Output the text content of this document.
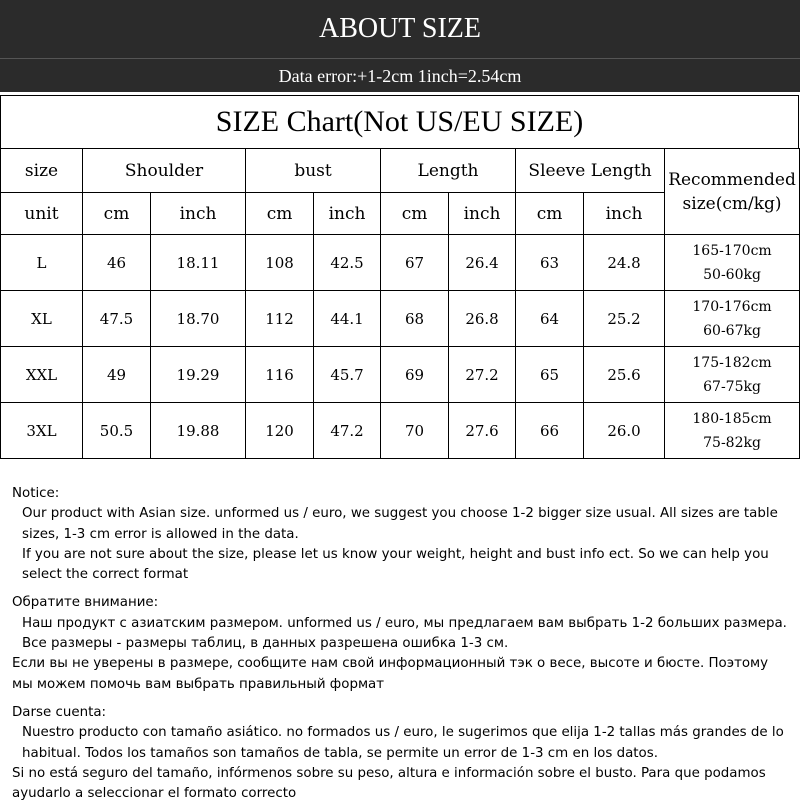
ABOUT SIZE
Data error:+1-2cm 1inch=2.54cm
SIZE Chart(Not US/EU SIZE)
size	Shoulder		bust		Length		Sleeve Length		Recommended
size(cm/kg)

unit	cm	inch	cm	inch	cm	inch	cm	inch	
L	46	18.11	108	42.5	67	26.4	63	24.8	165-170cm
50-60kg

XL	47.5	18.70	112	44.1	68	26.8	64	25.2	170-176cm
60-67kg

XXL	49	19.29	116	45.7	69	27.2	65	25.6	175-182cm
67-75kg

3XL	50.5	19.88	120	47.2	70	27.6	66	26.0	180-185cm
75-82kg
Notice:
Our product with Asian size. unformed us / euro, we suggest you choose 1-2 bigger size usual. All sizes are table sizes, 1-3 cm error is allowed in the data.
If you are not sure about the size, please let us know your weight, height and bust info ect. So we can help you select the correct format
Обратите внимание:
Наш продукт с азиатским размером. unformed us / euro, мы предлагаем вам выбрать 1-2 больших размера. Все размеры - размеры таблиц, в данных разрешена ошибка 1-3 см.
Если вы не уверены в размере, сообщите нам свой информационный тэк о весе, высоте и бюсте. Поэтому мы можем помочь вам выбрать правильный формат
Darse cuenta:
Nuestro producto con tamaño asiático. no formados us / euro, le sugerimos que elija 1-2 tallas más grandes de lo habitual. Todos los tamaños son tamaños de tabla, se permite un error de 1-3 cm en los datos.
Si no está seguro del tamaño, infórmenos sobre su peso, altura e información sobre el busto. Para que podamos ayudarlo a seleccionar el formato correcto
